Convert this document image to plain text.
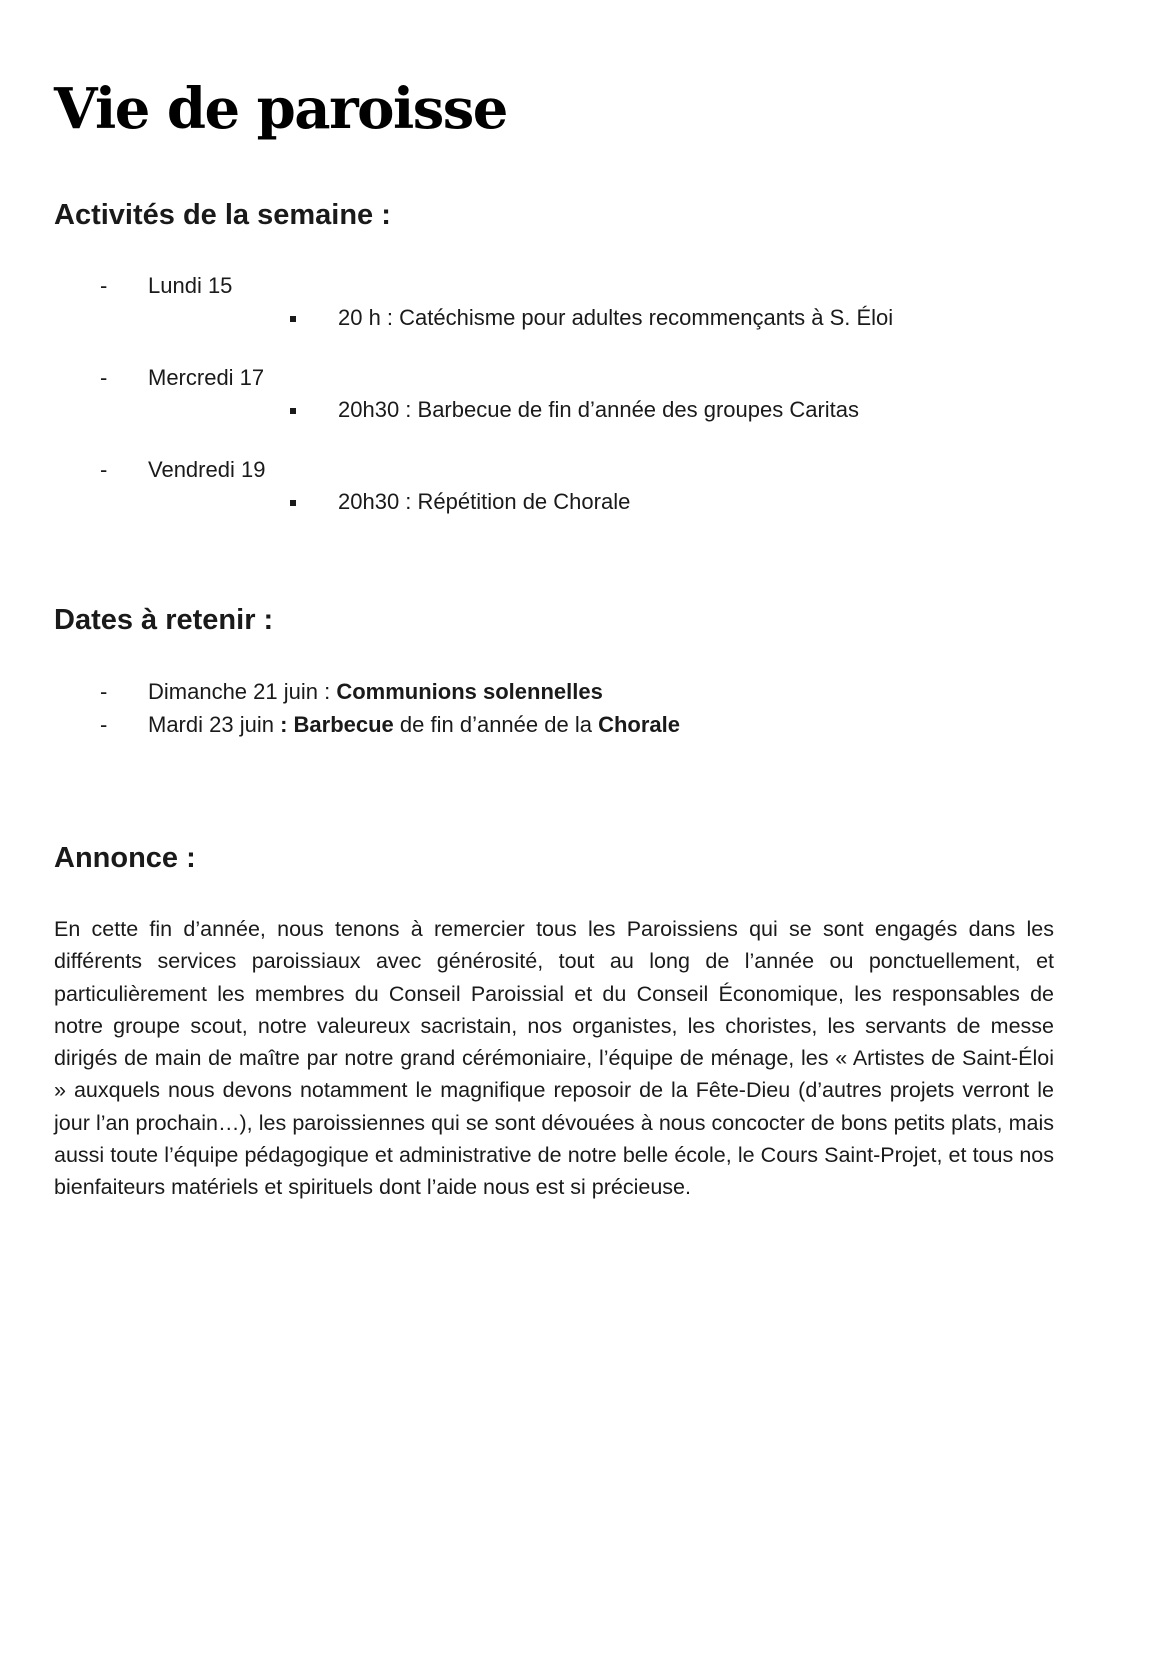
Vie de paroisse
Activités de la semaine :
- Lundi 15
20 h : Catéchisme pour adultes recommençants à S. Éloi
- Mercredi 17
20h30 : Barbecue de fin d’année des groupes Caritas
- Vendredi 19
20h30 : Répétition de Chorale
Dates à retenir :
- Dimanche 21 juin : Communions solennelles
- Mardi 23 juin : Barbecue de fin d’année de la Chorale
Annonce :

En cette fin d’année, nous tenons à remercier tous les Paroissiens qui se sont engagés dans les différents services paroissiaux avec générosité, tout au long de l’année ou ponctuellement, et particulièrement les membres du Conseil Paroissial et du Conseil Économique, les responsables de notre groupe scout, notre valeureux sacristain, nos organistes, les choristes, les servants de messe dirigés de main de maître par notre grand cérémoniaire, l’équipe de ménage, les « Artistes de Saint-Éloi » auxquels nous devons notamment le magnifique reposoir de la Fête-Dieu (d’autres projets verront le jour l’an prochain…), les paroissiennes qui se sont dévouées à nous concocter de bons petits plats, mais aussi toute l’équipe pédagogique et administrative de notre belle école, le Cours Saint-Projet, et tous nos bienfaiteurs matériels et spirituels dont l’aide nous est si précieuse.
